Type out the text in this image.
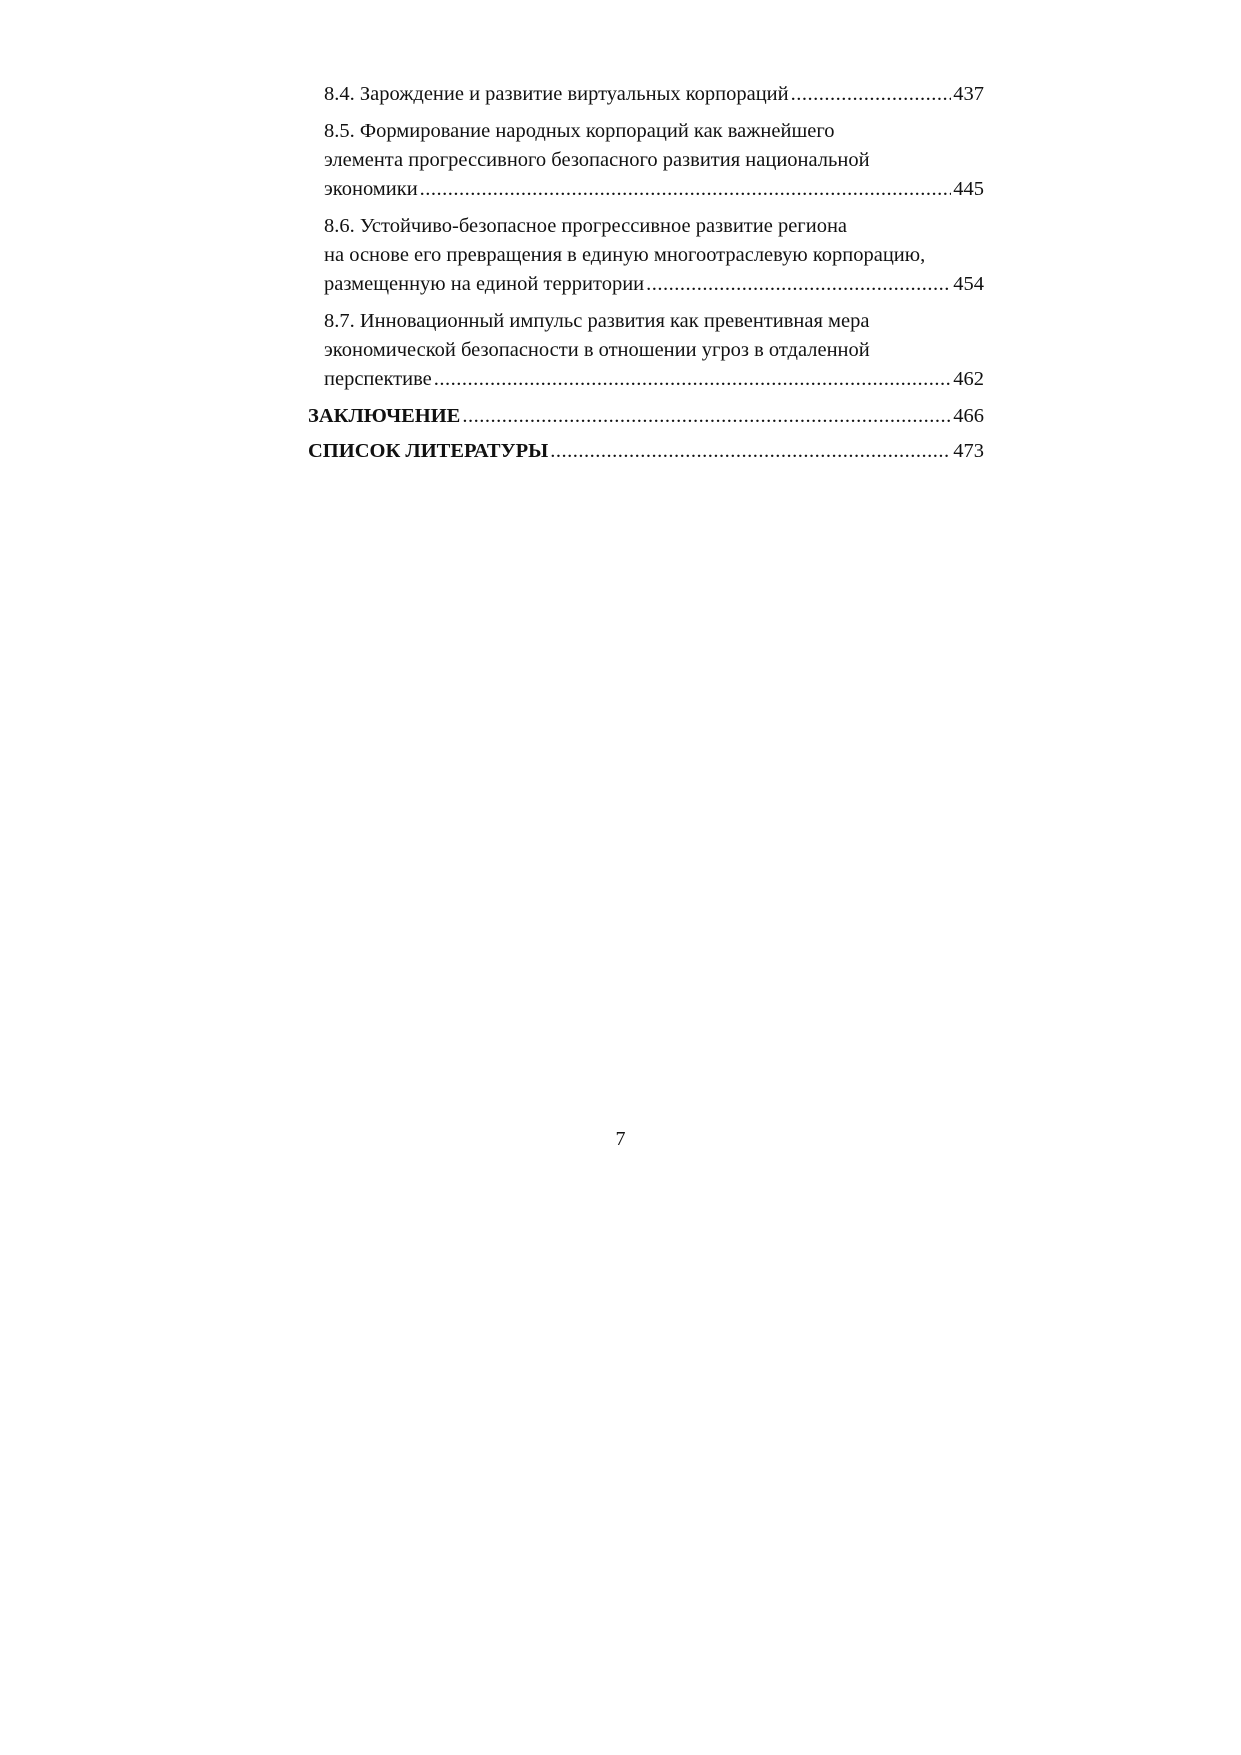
8.4. Зарождение и развитие виртуальных корпораций .....	437
8.5. Формирование народных корпораций как важнейшего
элемента прогрессивного безопасного развития национальной
экономики .....	445
8.6. Устойчиво-безопасное прогрессивное развитие региона
на основе его превращения в единую многоотраслевую корпорацию,
размещенную на единой территории .....	454
8.7. Инновационный импульс развития как превентивная мера
экономической безопасности в отношении угроз в отдаленной
перспективе .....	462
ЗАКЛЮЧЕНИЕ .....	466
СПИСОК ЛИТЕРАТУРЫ .....	473
7
